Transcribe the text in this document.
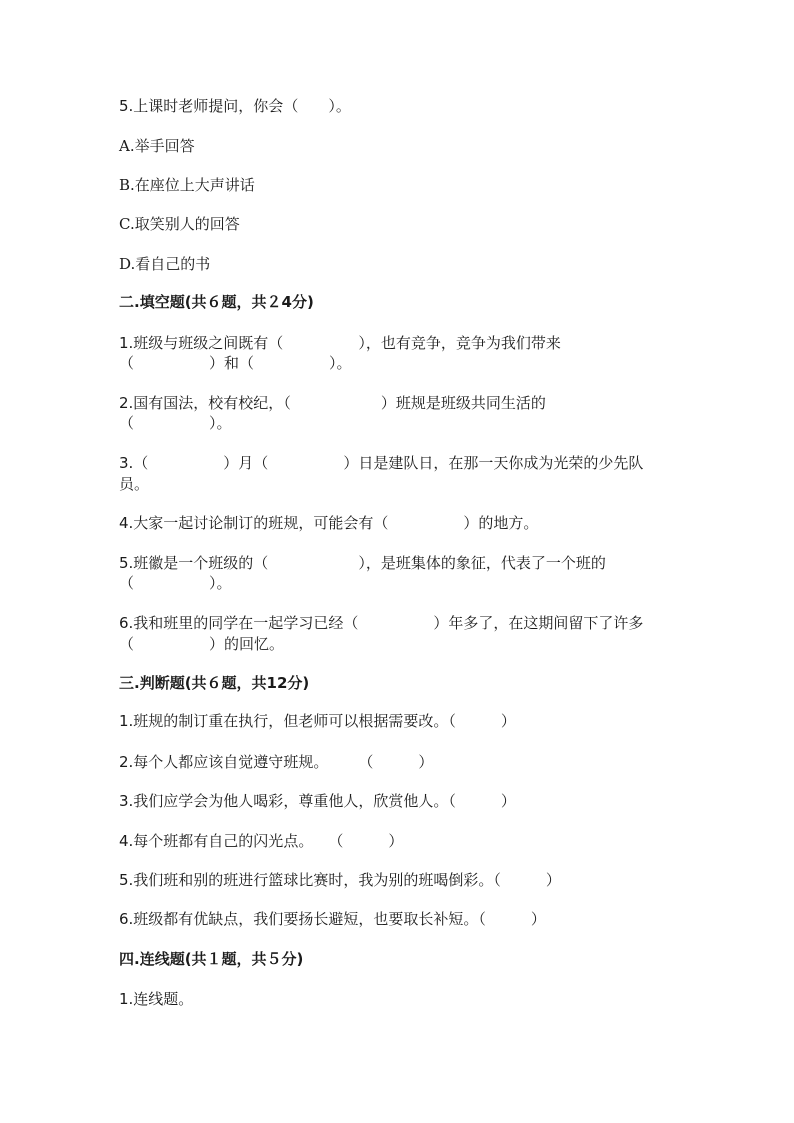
5.上课时老师提问，你会（　　）。
A.举手回答
B.在座位上大声讲话
C.取笑别人的回答
D.看自己的书
二.填空题(共６题，共２4分)
1.班级与班级之间既有（　　　　　），也有竞争，竞争为我们带来
（　　　　　）和（　　　　　）。
2.国有国法，校有校纪，（　　　　　　）班规是班级共同生活的
（　　　　　）。
3.（　　　　　）月（　　　　　）日是建队日，在那一天你成为光荣的少先队
员。
4.大家一起讨论制订的班规，可能会有（　　　　　）的地方。
5.班徽是一个班级的（　　　　　　），是班集体的象征，代表了一个班的
（　　　　　）。
6.我和班里的同学在一起学习已经（　　　　　）年多了，在这期间留下了许多
（　　　　　）的回忆。
三.判断题(共６题，共12分)
1.班规的制订重在执行，但老师可以根据需要改。（　　　）
2.每个人都应该自觉遵守班规。　　　（　　　）
3.我们应学会为他人喝彩，尊重他人，欣赏他人。（　　　）
4.每个班都有自己的闪光点。　　（　　　）
5.我们班和别的班进行篮球比赛时，我为别的班喝倒彩。（　　　）
6.班级都有优缺点，我们要扬长避短，也要取长补短。（　　　）
四.连线题(共１题，共５分)
1.连线题。
